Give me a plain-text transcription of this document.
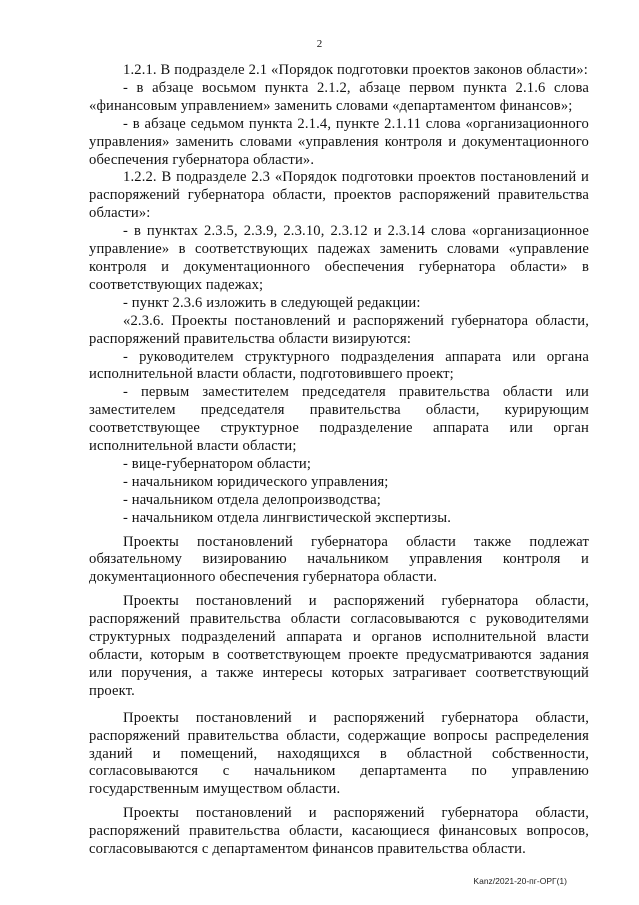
2

1.2.1. В подразделе 2.1 «Порядок подготовки проектов законов области»:

- в абзаце восьмом пункта 2.1.2, абзаце первом пункта 2.1.6 слова «финансовым управлением» заменить словами «департаментом финансов»;

- в абзаце седьмом пункта 2.1.4, пункте 2.1.11 слова «организационного управления» заменить словами «управления контроля и документационного обеспечения губернатора области».

1.2.2. В подразделе 2.3 «Порядок подготовки проектов постановлений и распоряжений губернатора области, проектов распоряжений правительства области»:

- в пунктах 2.3.5, 2.3.9, 2.3.10, 2.3.12 и 2.3.14 слова «организационное управление» в соответствующих падежах заменить словами «управление контроля и документационного обеспечения губернатора области» в соответствующих падежах;

- пункт 2.3.6 изложить в следующей редакции:

«2.3.6. Проекты постановлений и распоряжений губернатора области, распоряжений правительства области визируются:

- руководителем структурного подразделения аппарата или органа исполнительной власти области, подготовившего проект;

- первым заместителем председателя правительства области или заместителем председателя правительства области, курирующим соответствующее структурное подразделение аппарата или орган исполнительной власти области;

- вице-губернатором области;

- начальником юридического управления;

- начальником отдела делопроизводства;

- начальником отдела лингвистической экспертизы.

Проекты постановлений губернатора области также подлежат обязательному визированию начальником управления контроля и документационного обеспечения губернатора области.

Проекты постановлений и распоряжений губернатора области, распоряжений правительства области согласовываются с руководителями структурных подразделений аппарата и органов исполнительной власти области, которым в соответствующем проекте предусматриваются задания или поручения, а также интересы которых затрагивает соответствующий проект.

Проекты постановлений и распоряжений губернатора области, распоряжений правительства области, содержащие вопросы распределения зданий и помещений, находящихся в областной собственности, согласовываются с начальником департамента по управлению государственным имуществом области.

Проекты постановлений и распоряжений губернатора области, распоряжений правительства области, касающиеся финансовых вопросов, согласовываются с департаментом финансов правительства области.

Kanz/2021-20-пг-ОРГ(1)
